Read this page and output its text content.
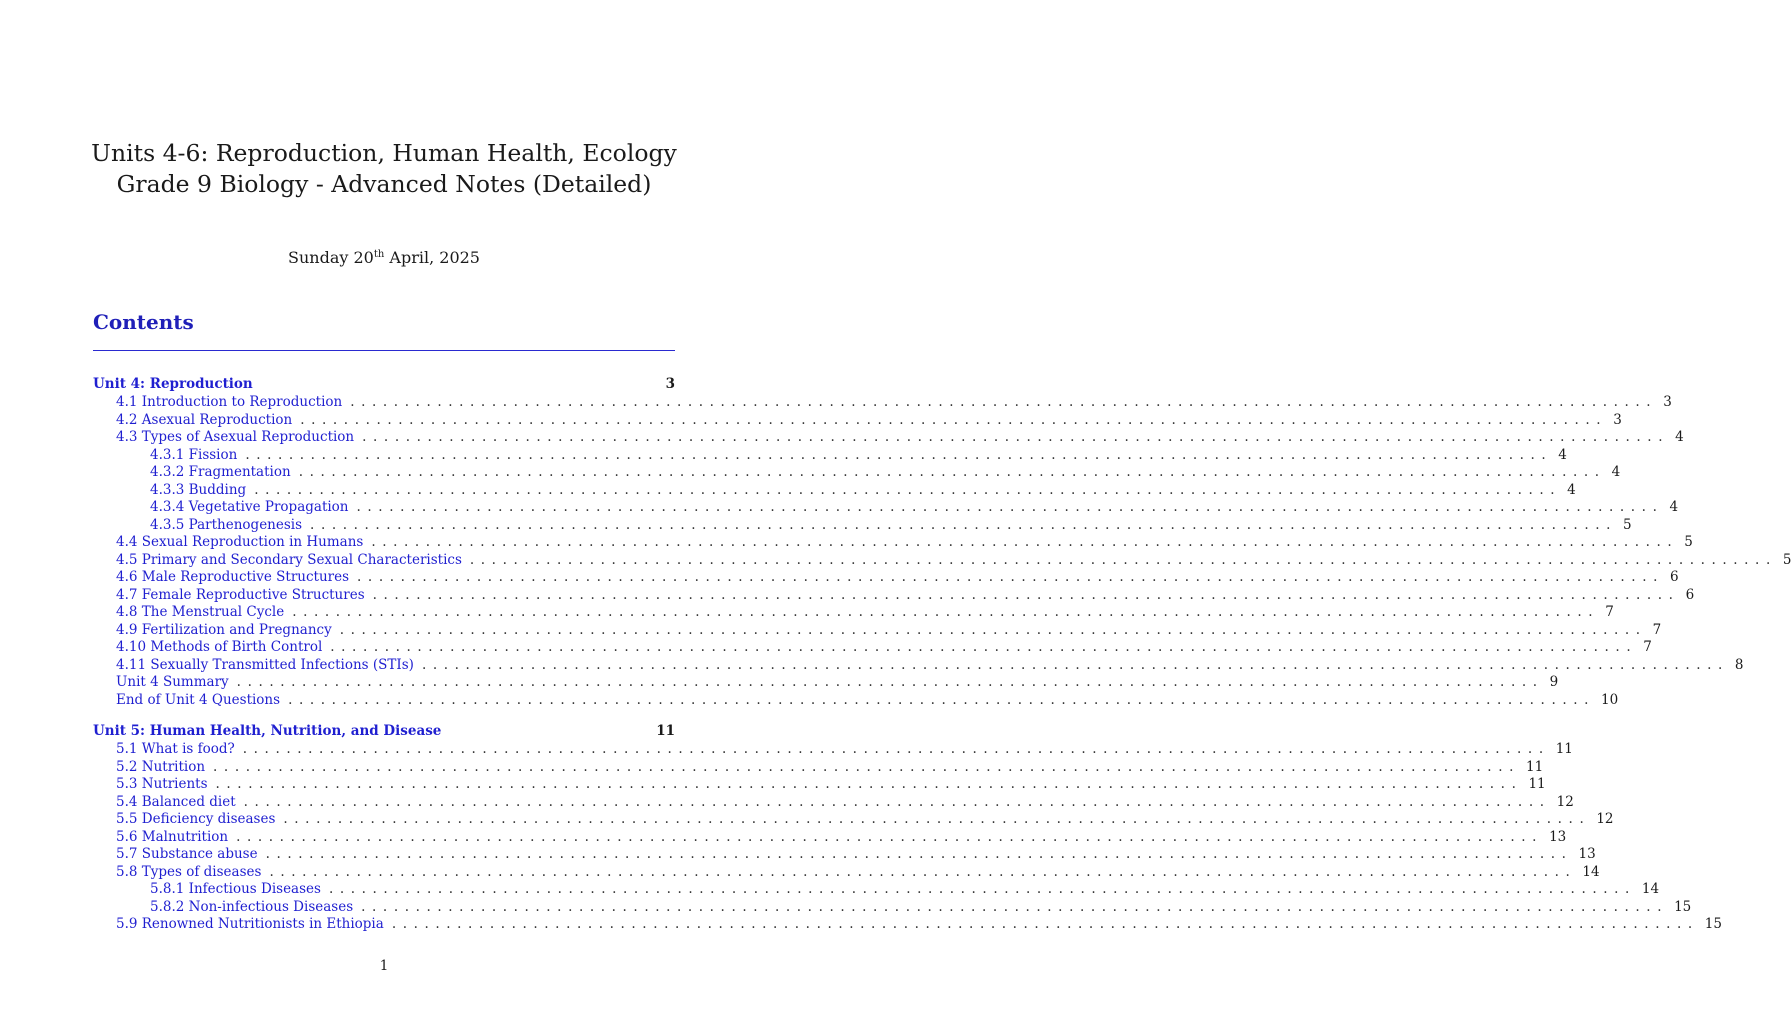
Units 4-6: Reproduction, Human Health, Ecology
Grade 9 Biology - Advanced Notes (Detailed)
Sunday 20th April, 2025
Contents
Unit 4: Reproduction	3
4.1 Introduction to Reproduction ........................................................................................................................ 3
4.2 Asexual Reproduction ........................................................................................................................ 3
4.3 Types of Asexual Reproduction ........................................................................................................................ 4
4.3.1 Fission ........................................................................................................................ 4
4.3.2 Fragmentation ........................................................................................................................ 4
4.3.3 Budding ........................................................................................................................ 4
4.3.4 Vegetative Propagation ........................................................................................................................ 4
4.3.5 Parthenogenesis ........................................................................................................................ 5
4.4 Sexual Reproduction in Humans ........................................................................................................................ 5
4.5 Primary and Secondary Sexual Characteristics ........................................................................................................................ 5
4.6 Male Reproductive Structures ........................................................................................................................ 6
4.7 Female Reproductive Structures ........................................................................................................................ 6
4.8 The Menstrual Cycle ........................................................................................................................ 7
4.9 Fertilization and Pregnancy ........................................................................................................................ 7
4.10 Methods of Birth Control ........................................................................................................................ 7
4.11 Sexually Transmitted Infections (STIs) ........................................................................................................................ 8
Unit 4 Summary ........................................................................................................................ 9
End of Unit 4 Questions ........................................................................................................................ 10
Unit 5: Human Health, Nutrition, and Disease	11
5.1 What is food? ........................................................................................................................ 11
5.2 Nutrition ........................................................................................................................ 11
5.3 Nutrients ........................................................................................................................ 11
5.4 Balanced diet ........................................................................................................................ 12
5.5 Deficiency diseases ........................................................................................................................ 12
5.6 Malnutrition ........................................................................................................................ 13
5.7 Substance abuse ........................................................................................................................ 13
5.8 Types of diseases ........................................................................................................................ 14
5.8.1 Infectious Diseases ........................................................................................................................ 14
5.8.2 Non-infectious Diseases ........................................................................................................................ 15
5.9 Renowned Nutritionists in Ethiopia ........................................................................................................................ 15
1
